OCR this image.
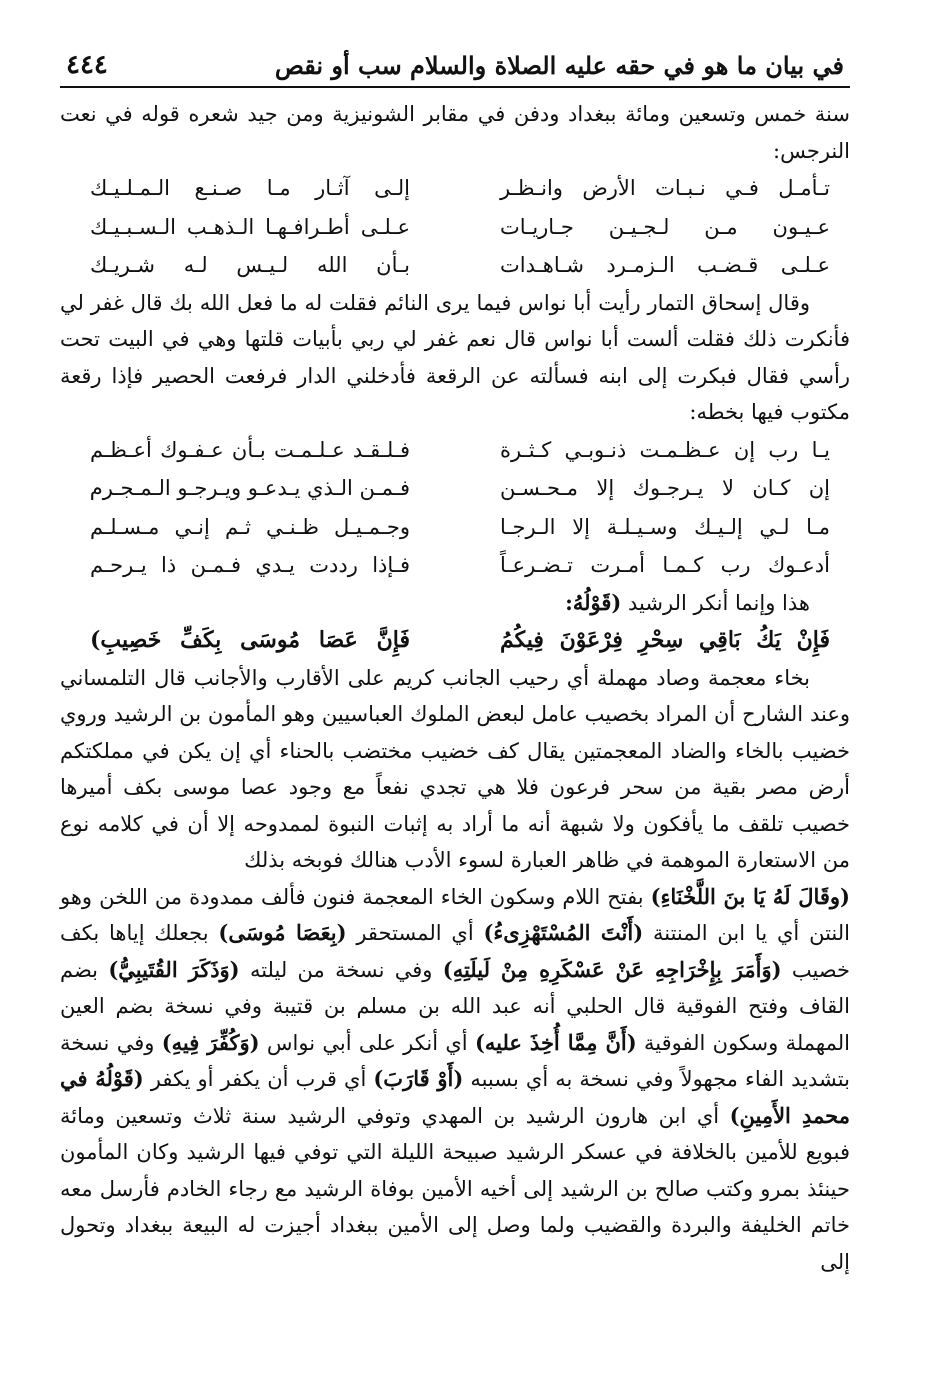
في بيان ما هو في حقه عليه الصلاة والسلام سب أو نقص
٤٤٤

سنة خمس وتسعين ومائة ببغداد ودفن في مقابر الشونيزية ومن جيد شعره قوله في نعت النرجس:

تـأمـل فـي نـبـات الأرض وانـظـر
إلـى آثـار مـا صـنـع الـمـلـيـك
عـيـون مـن لـجـيـن جـاريـات
عـلـى أطـرافـهـا الـذهـب الـسـبـيـك
عـلـى قـضـب الـزمـرد شـاهـدات
بـأن الله لـيـس لـه شـريـك

وقال إسحاق التمار رأيت أبا نواس فيما يرى النائم فقلت له ما فعل الله بك قال غفر لي فأنكرت ذلك فقلت ألست أبا نواس قال نعم غفر لي ربي بأبيات قلتها وهي في البيت تحت رأسي فقال فبكرت إلى ابنه فسألته عن الرقعة فأدخلني الدار فرفعت الحصير فإذا رقعة مكتوب فيها بخطه:

يـا رب إن عـظـمـت ذنـوبـي كـثـرة
فـلـقـد عـلـمـت بـأن عـفـوك أعـظـم
إن كـان لا يـرجـوك إلا مـحـسـن
فـمـن الـذي يـدعـو ويـرجـو الـمـجـرم
مـا لـي إلـيـك وسـيـلـة إلا الـرجـا
وجـمـيـل ظـنـي ثـم إنـي مـسـلـم
أدعـوك رب كـمـا أمـرت تـضـرعـاً
فـإذا رددت يـدي فـمـن ذا يـرحـم

هذا وإنما أنكر الرشيد (قَوْلُهُ:

فَإِنْ يَكُ بَاقِي سِحْرِ فِرْعَوْنَ فِيكُمُ
فَإِنَّ عَصَا مُوسَى بِكَفِّ خَصِيبِ)

بخاء معجمة وصاد مهملة أي رحيب الجانب كريم على الأقارب والأجانب قال التلمساني وعند الشارح أن المراد بخصيب عامل لبعض الملوك العباسيين وهو المأمون بن الرشيد وروي خضيب بالخاء والضاد المعجمتين يقال كف خضيب مختضب بالحناء أي إن يكن في مملكتكم أرض مصر بقية من سحر فرعون فلا هي تجدي نفعاً مع وجود عصا موسى بكف أميرها خصيب تلقف ما يأفكون ولا شبهة أنه ما أراد به إثبات النبوة لممدوحه إلا أن في كلامه نوع من الاستعارة الموهمة في ظاهر العبارة لسوء الأدب هنالك فوبخه بذلك

(وقَالَ لَهُ يَا بنَ اللَّخْنَاءِ) بفتح اللام وسكون الخاء المعجمة فنون فألف ممدودة من اللخن وهو النتن أي يا ابن المنتنة (أَنْتَ المُسْتَهْزِىءُ) أي المستحقر (بِعَصَا مُوسَى) بجعلك إياها بكف خصيب (وَأَمَرَ بِإِخْرَاجِهِ عَنْ عَسْكَرِهِ مِنْ لَيلَتِهِ) وفي نسخة من ليلته (وَذَكَرَ القُتَيبِيُّ) بضم القاف وفتح الفوقية قال الحلبي أنه عبد الله بن مسلم بن قتيبة وفي نسخة بضم العين المهملة وسكون الفوقية (أَنَّ مِمَّا أُخِذَ عليه) أي أنكر على أبي نواس (وَكُفِّرَ فِيهِ) وفي نسخة بتشديد الفاء مجهولاً وفي نسخة به أي بسببه (أَوْ قَارَبَ) أي قرب أن يكفر أو يكفر (قَوْلُهُ في محمدِ الأَمِينِ) أي ابن هارون الرشيد بن المهدي وتوفي الرشيد سنة ثلاث وتسعين ومائة فبويع للأمين بالخلافة في عسكر الرشيد صبيحة الليلة التي توفي فيها الرشيد وكان المأمون حينئذ بمرو وكتب صالح بن الرشيد إلى أخيه الأمين بوفاة الرشيد مع رجاء الخادم فأرسل معه خاتم الخليفة والبردة والقضيب ولما وصل إلى الأمين ببغداد أجيزت له البيعة ببغداد وتحول إلى
